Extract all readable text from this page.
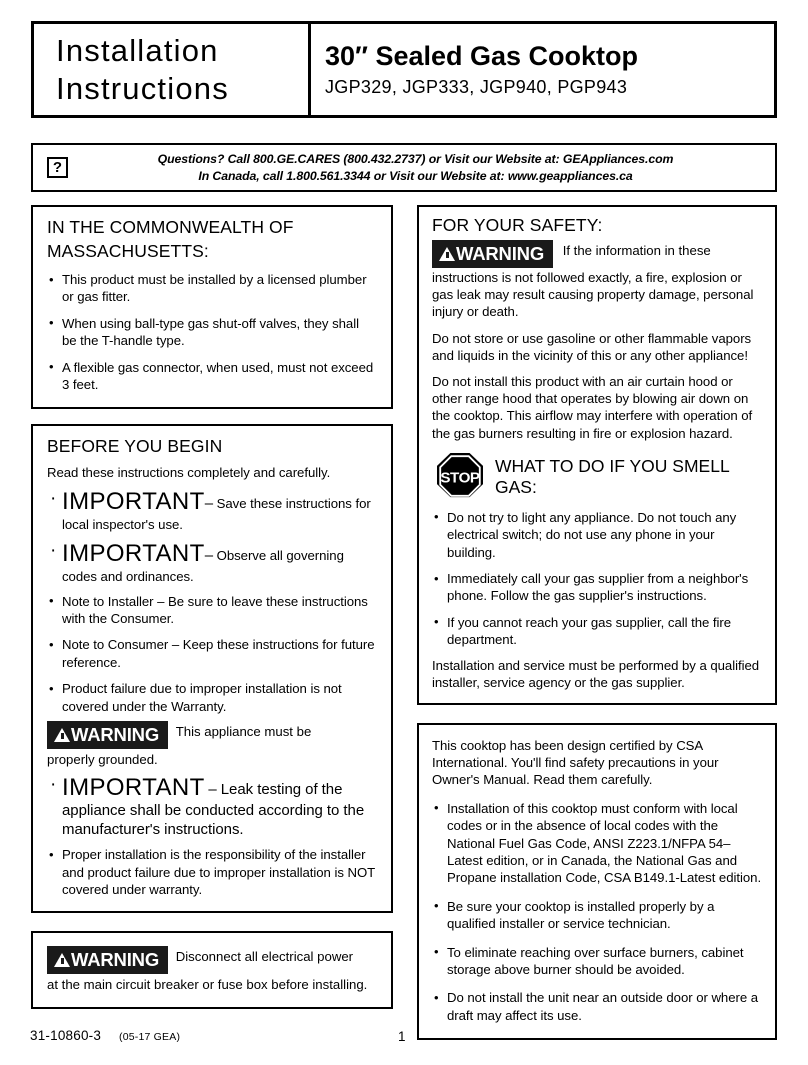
Installation
Instructions
30″ Sealed Gas Cooktop
JGP329, JGP333, JGP940, PGP943
?
Questions? Call 800.GE.CARES (800.432.2737) or Visit our Website at: GEAppliances.com
In Canada, call 1.800.561.3344 or Visit our Website at: www.geappliances.ca
IN THE COMMONWEALTH OF
MASSACHUSETTS:
• This product must be installed by a licensed plumber or gas fitter.
• When using ball-type gas shut-off valves, they shall be the T-handle type.
• A flexible gas connector, when used, must not exceed 3 feet.
BEFORE YOU BEGIN

Read these instructions completely and carefully.

· IMPORTANT– Save these instructions for local inspector's use.
· IMPORTANT– Observe all governing codes and ordinances.
• Note to Installer – Be sure to leave these instructions with the Consumer.
• Note to Consumer – Keep these instructions for future reference.
• Product failure due to improper installation is not covered under the Warranty.
WARNING This appliance must be
properly grounded.
· IMPORTANT – Leak testing of the appliance shall be conducted according to the manufacturer's instructions.
• Proper installation is the responsibility of the installer and product failure due to improper installation is NOT covered under warranty.
WARNING Disconnect all electrical power
at the main circuit breaker or fuse box before installing.
FOR YOUR SAFETY:
WARNING If the information in these

instructions is not followed exactly, a fire, explosion or gas leak may result causing property damage, personal injury or death.

Do not store or use gasoline or other flammable vapors and liquids in the vicinity of this or any other appliance!

Do not install this product with an air curtain hood or other range hood that operates by blowing air down on the cooktop. This airflow may interfere with operation of the gas burners resulting in fire or explosion hazard.

STOP
WHAT TO DO IF YOU SMELL
GAS:
• Do not try to light any appliance. Do not touch any electrical switch; do not use any phone in your building.
• Immediately call your gas supplier from a neighbor's phone. Follow the gas supplier's instructions.
• If you cannot reach your gas supplier, call the fire department.

Installation and service must be performed by a qualified installer, service agency or the gas supplier.

This cooktop has been design certified by CSA International. You'll find safety precautions in your Owner's Manual. Read them carefully.

• Installation of this cooktop must conform with local codes or in the absence of local codes with the National Fuel Gas Code, ANSI Z223.1/NFPA 54–Latest edition, or in Canada, the National Gas and Propane installation Code, CSA B149.1-Latest edition.
• Be sure your cooktop is installed properly by a qualified installer or service technician.
• To eliminate reaching over surface burners, cabinet storage above burner should be avoided.
• Do not install the unit near an outside door or where a draft may affect its use.
31-10860-3 (05-17 GEA)	1
